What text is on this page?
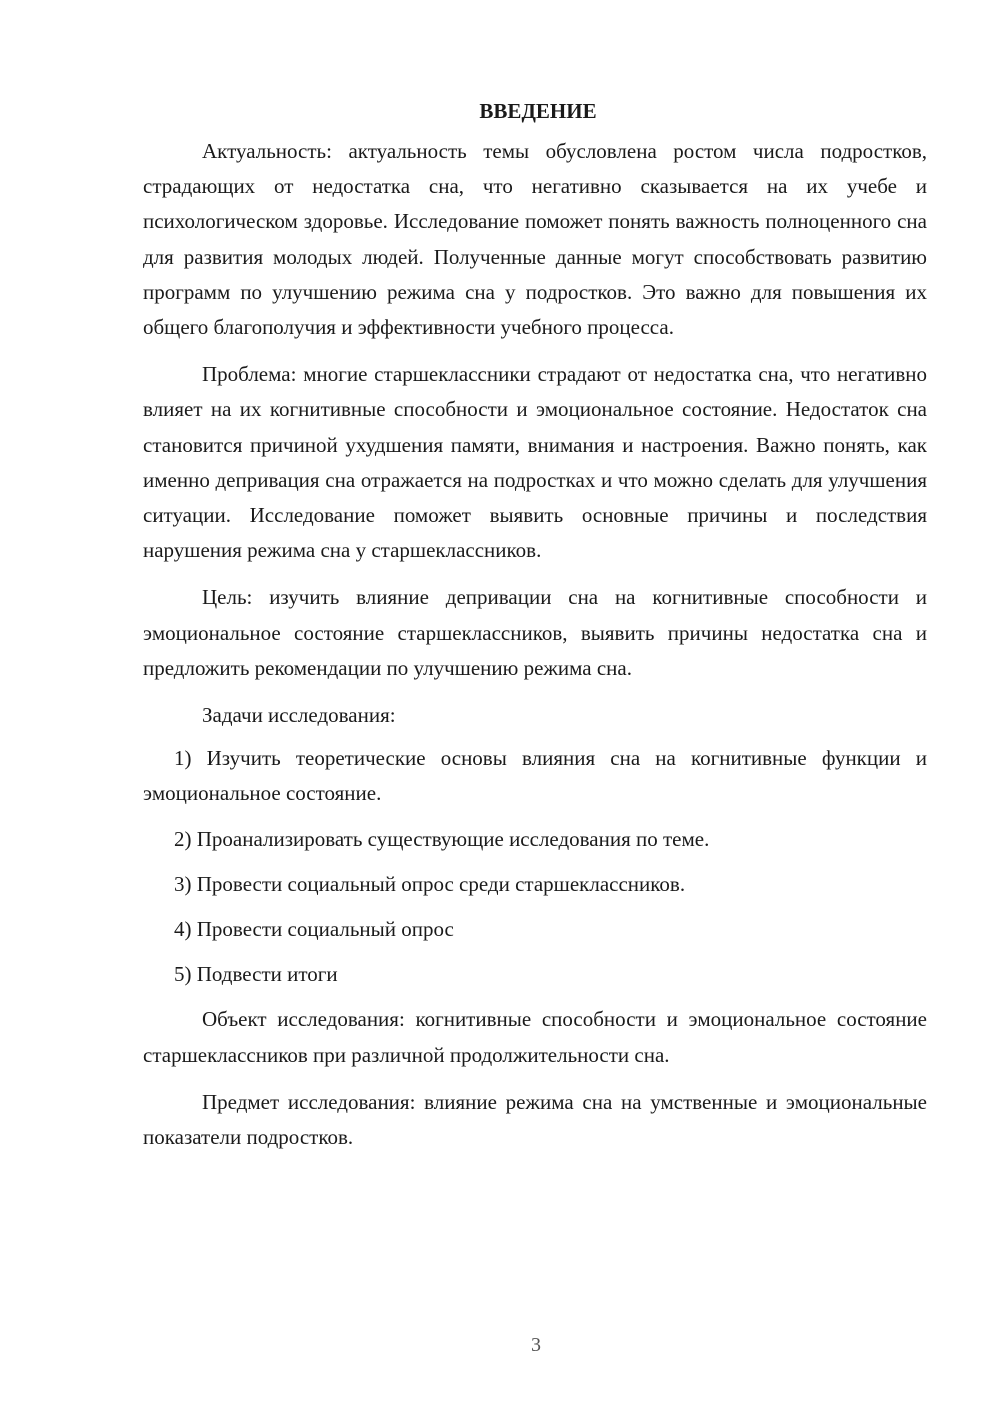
ВВЕДЕНИЕ

Актуальность: актуальность темы обусловлена ростом числа подростков, страдающих от недостатка сна, что негативно сказывается на их учебе и психологическом здоровье. Исследование поможет понять важность полноценного сна для развития молодых людей. Полученные данные могут способствовать развитию программ по улучшению режима сна у подростков. Это важно для повышения их общего благополучия и эффективности учебного процесса.

Проблема: многие старшеклассники страдают от недостатка сна, что негативно влияет на их когнитивные способности и эмоциональное состояние. Недостаток сна становится причиной ухудшения памяти, внимания и настроения. Важно понять, как именно депривация сна отражается на подростках и что можно сделать для улучшения ситуации. Исследование поможет выявить основные причины и последствия нарушения режима сна у старшеклассников.

Цель: изучить влияние депривации сна на когнитивные способности и эмоциональное состояние старшеклассников, выявить причины недостатка сна и предложить рекомендации по улучшению режима сна.

Задачи исследования:

1) Изучить теоретические основы влияния сна на когнитивные функции и эмоциональное состояние.

2) Проанализировать существующие исследования по теме.

3) Провести социальный опрос среди старшеклассников.

4) Провести социальный опрос

5) Подвести итоги

Объект исследования: когнитивные способности и эмоциональное состояние старшеклассников при различной продолжительности сна.

Предмет исследования: влияние режима сна на умственные и эмоциональные показатели подростков.

3
